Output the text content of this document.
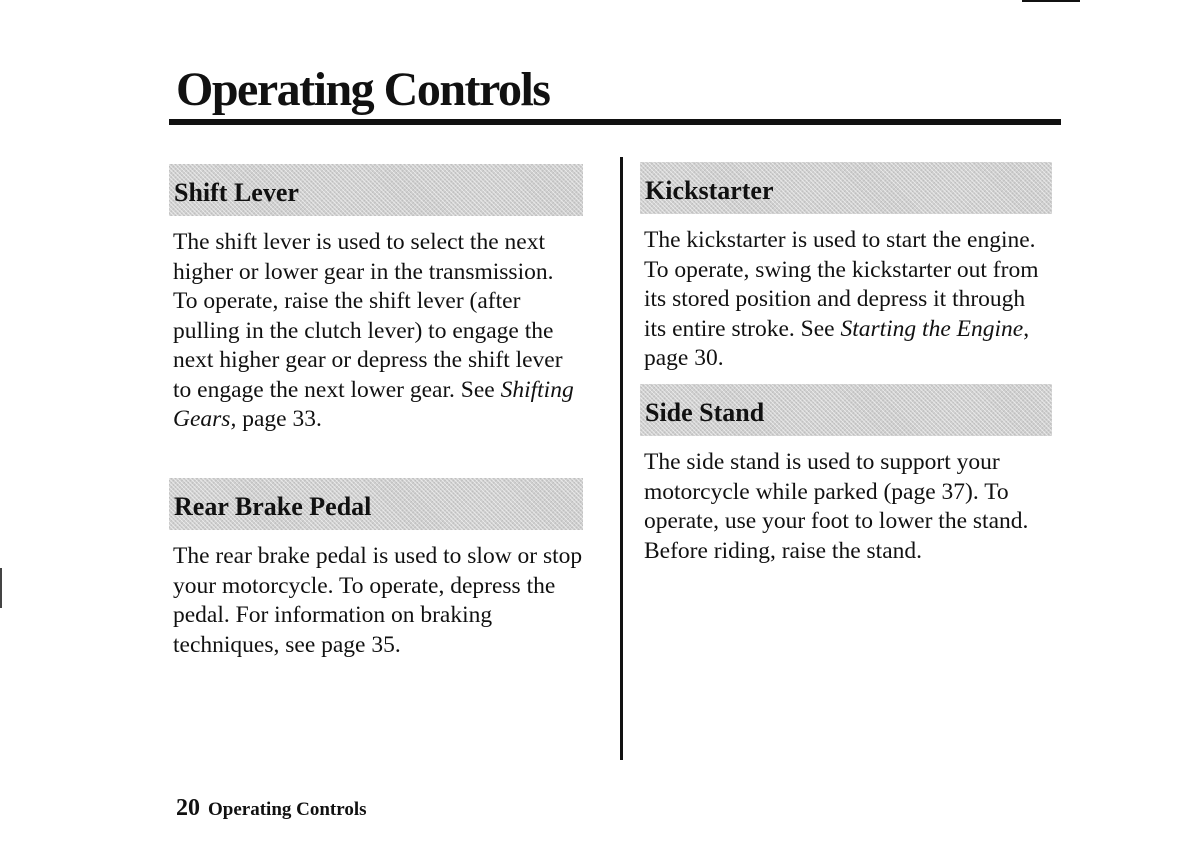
Operating Controls
Shift Lever

The shift lever is used to select the next higher or lower gear in the transmission. To operate, raise the shift lever (after pulling in the clutch lever) to engage the next higher gear or depress the shift lever to engage the next lower gear. See Shifting Gears, page 33.

Rear Brake Pedal

The rear brake pedal is used to slow or stop your motorcycle. To operate, depress the pedal. For information on braking techniques, see page 35.

Kickstarter

The kickstarter is used to start the engine. To operate, swing the kickstarter out from its stored position and depress it through its entire stroke. See Starting the Engine, page 30.

Side Stand

The side stand is used to support your motorcycle while parked (page 37). To operate, use your foot to lower the stand. Before riding, raise the stand.

20 Operating Controls
